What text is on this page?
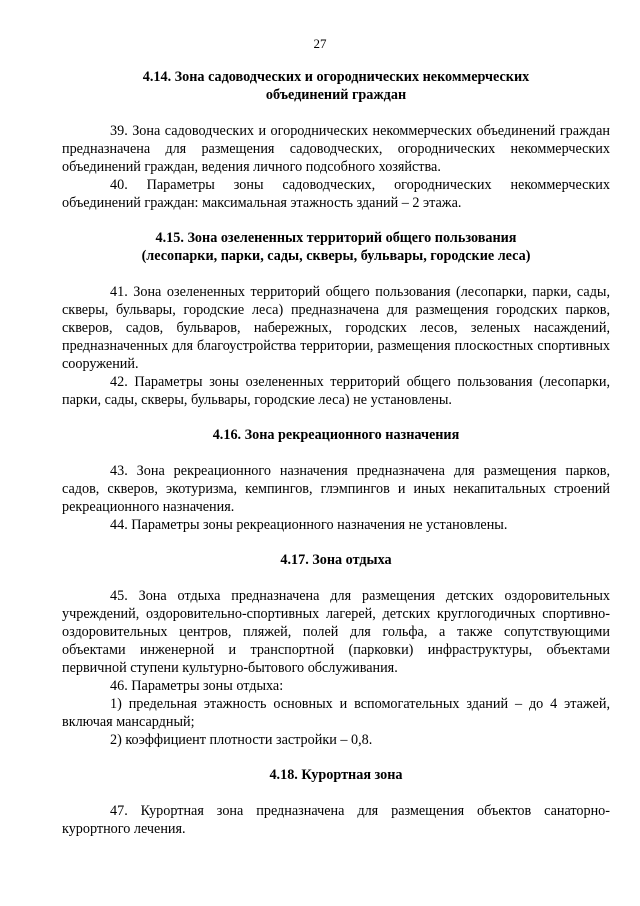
27
4.14. Зона садоводческих и огороднических некоммерческих
объединений граждан

39. Зона садоводческих и огороднических некоммерческих объединений граждан предназначена для размещения садоводческих, огороднических некоммерческих объединений граждан, ведения личного подсобного хозяйства.

40. Параметры зоны садоводческих, огороднических некоммерческих объединений граждан: максимальная этажность зданий – 2 этажа.

4.15. Зона озелененных территорий общего пользования
(лесопарки, парки, сады, скверы, бульвары, городские леса)

41. Зона озелененных территорий общего пользования (лесопарки, парки, сады, скверы, бульвары, городские леса) предназначена для размещения городских парков, скверов, садов, бульваров, набережных, городских лесов, зеленых насаждений, предназначенных для благоустройства территории, размещения плоскостных спортивных сооружений.

42. Параметры зоны озелененных территорий общего пользования (лесопарки, парки, сады, скверы, бульвары, городские леса) не установлены.

4.16. Зона рекреационного назначения

43. Зона рекреационного назначения предназначена для размещения парков, садов, скверов, экотуризма, кемпингов, глэмпингов и иных некапитальных строений рекреационного назначения.

44. Параметры зоны рекреационного назначения не установлены.

4.17. Зона отдыха

45. Зона отдыха предназначена для размещения детских оздоровительных учреждений, оздоровительно-спортивных лагерей, детских круглогодичных спортивно-оздоровительных центров, пляжей, полей для гольфа, а также сопутствующими объектами инженерной и транспортной (парковки) инфраструктуры, объектами первичной ступени культурно-бытового обслуживания.

46. Параметры зоны отдыха:

1) предельная этажность основных и вспомогательных зданий – до 4 этажей, включая мансардный;

2) коэффициент плотности застройки – 0,8.

4.18. Курортная зона

47. Курортная зона предназначена для размещения объектов санаторно-курортного лечения.
